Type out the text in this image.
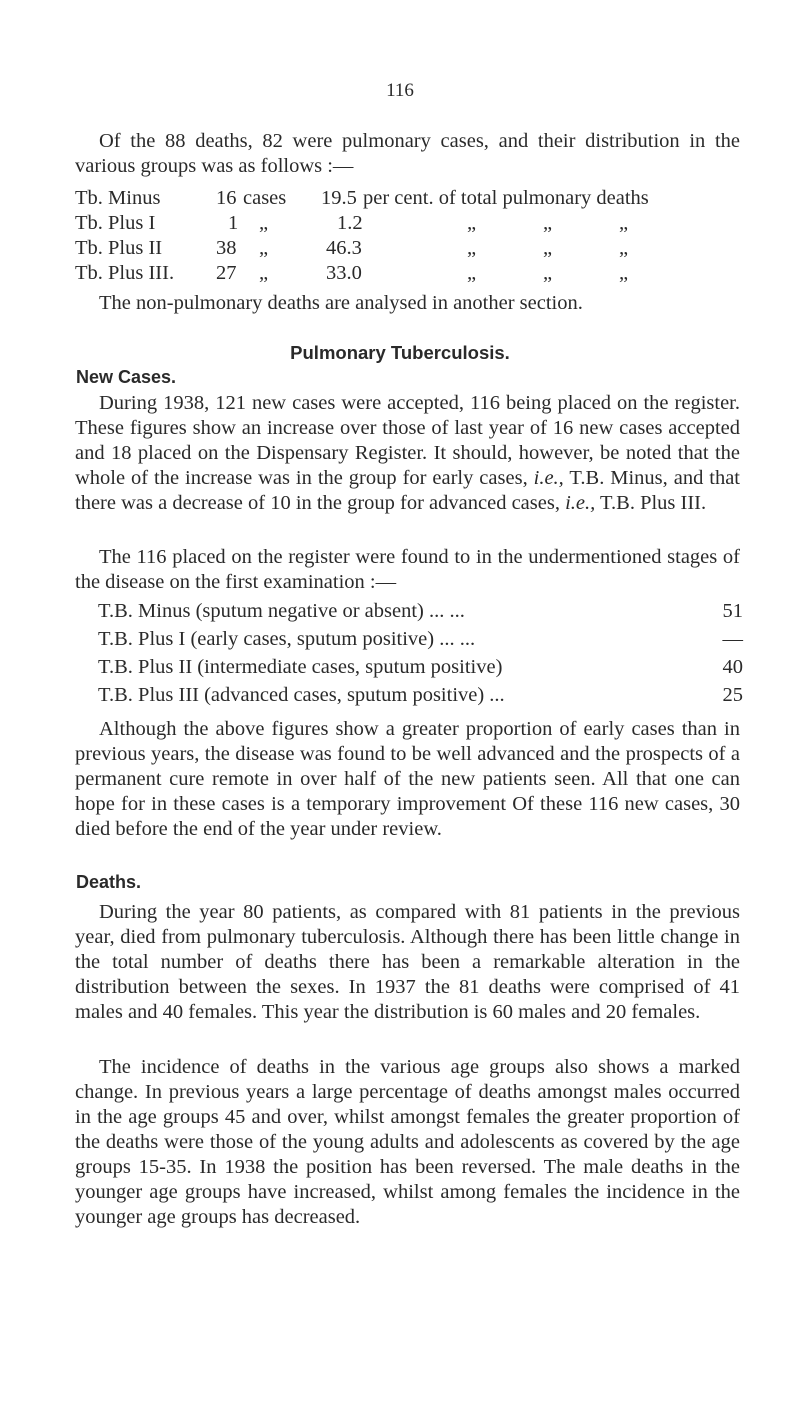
116

Of the 88 deaths, 82 were pulmonary cases, and their distribution in the various groups was as follows :—

Tb. Minus	16 cases 19.5 per cent. of total pulmonary deaths
Tb. Plus I	1 „	1.2	„	„	„
Tb. Plus II	38 „	46.3	„	„	„
Tb. Plus III. 27 „	33.0	„	„	„

The non-pulmonary deaths are analysed in another section.

Pulmonary Tuberculosis.
New Cases.

During 1938, 121 new cases were accepted, 116 being placed on the register. These figures show an increase over those of last year of 16 new cases accepted and 18 placed on the Dispensary Register. It should, however, be noted that the whole of the increase was in the group for early cases, i.e., T.B. Minus, and that there was a decrease of 10 in the group for advanced cases, i.e., T.B. Plus III.

The 116 placed on the register were found to in the undermentioned stages of the disease on the first examination :—

T.B. Minus (sputum negative or absent) ... ...	51
T.B. Plus I (early cases, sputum positive) ... ...	—
T.B. Plus II (intermediate cases, sputum positive)	40
T.B. Plus III (advanced cases, sputum positive) ...	25

Although the above figures show a greater proportion of early cases than in previous years, the disease was found to be well advanced and the prospects of a permanent cure remote in over half of the new patients seen. All that one can hope for in these cases is a temporary improvement Of these 116 new cases, 30 died before the end of the year under review.

Deaths.

During the year 80 patients, as compared with 81 patients in the previous year, died from pulmonary tuberculosis. Although there has been little change in the total number of deaths there has been a remarkable alteration in the distribution between the sexes. In 1937 the 81 deaths were comprised of 41 males and 40 females. This year the distribution is 60 males and 20 females.

The incidence of deaths in the various age groups also shows a marked change. In previous years a large percentage of deaths amongst males occurred in the age groups 45 and over, whilst amongst females the greater proportion of the deaths were those of the young adults and adolescents as covered by the age groups 15-35. In 1938 the position has been reversed. The male deaths in the younger age groups have increased, whilst among females the incidence in the younger age groups has decreased.
